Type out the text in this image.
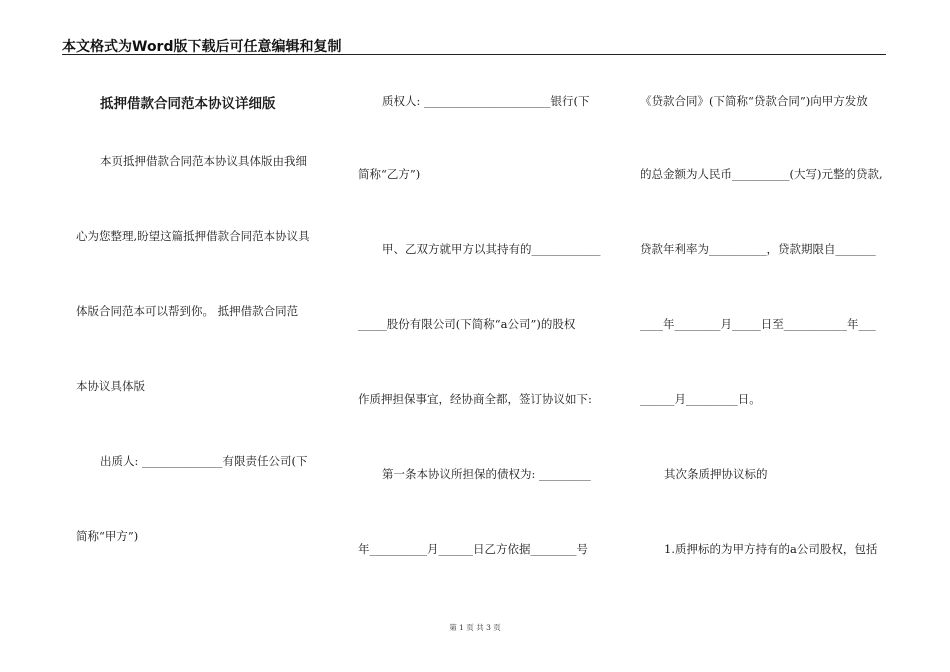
本文格式为Word版下载后可任意编辑和复制
抵押借款合同范本协议详细版
本页抵押借款合同范本协议具体版由我细
心为您整理,盼望这篇抵押借款合同范本协议具
体版合同范本可以帮到你。 抵押借款合同范
本协议具体版
出质人: ______________有限责任公司(下
简称“甲方”)
质权人: ______________________银行(下
简称“乙方”)
甲、乙双方就甲方以其持有的____________
_____股份有限公司(下简称“a公司”)的股权
作质押担保事宜，经协商全都，签订协议如下:
第一条本协议所担保的债权为: _________
年__________月______日乙方依据________号
《贷款合同》(下简称“贷款合同”)向甲方发放
的总金额为人民币__________(大写)元整的贷款,
贷款年利率为__________，贷款期限自_______
____年________月_____日至___________年___
______月_________日。
其次条质押协议标的
1.质押标的为甲方持有的a公司股权，包括
第 1 页 共 3 页
